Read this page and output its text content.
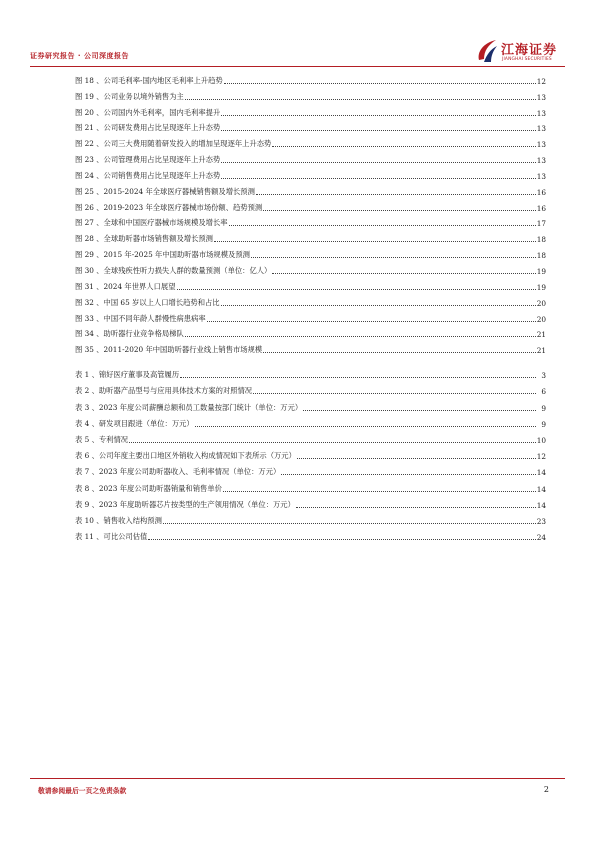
证券研究报告 · 公司深度报告	江海证券
JIANGHAI SECURITIES
图 18 、公司毛利率-国内地区毛利率上升趋势	12
图 19 、公司业务以境外销售为主	13
图 20 、公司国内外毛利率，国内毛利率提升	13
图 21 、公司研发费用占比呈现逐年上升态势	13
图 22 、公司三大费用随着研发投入的增加呈现逐年上升态势	13
图 23 、公司管理费用占比呈现逐年上升态势	13
图 24 、公司销售费用占比呈现逐年上升态势	13
图 25 、2015-2024 年全球医疗器械销售额及增长预测	16
图 26 、2019-2023 年全球医疗器械市场份额、趋势预测	16
图 27 、全球和中国医疗器械市场规模及增长率	17
图 28 、全球助听器市场销售额及增长预测	18
图 29 、2015 年-2025 年中国助听器市场规模及预测	18
图 30 、全球残疾性听力损失人群的数量预测（单位：亿人）	19
图 31 、2024 年世界人口展望	19
图 32 、中国 65 岁以上人口增长趋势和占比	20
图 33 、中国不同年龄人群慢性病患病率	20
图 34 、助听器行业竞争格局梯队	21
图 35 、2011-2020 年中国助听器行业线上销售市场规模	21
表 1 、锦好医疗董事及高管履历	3
表 2 、助听器产品型号与应用具体技术方案的对照情况	6
表 3 、2023 年度公司薪酬总额和员工数量按部门统计（单位：万元）	9
表 4 、研发项目跟进（单位：万元）	9
表 5 、专利情况	10
表 6 、公司年度主要出口地区外销收入构成情况如下表所示（万元）	12
表 7 、2023 年度公司助听器收入、毛利率情况（单位：万元）	14
表 8 、2023 年度公司助听器销量和销售单价	14
表 9 、2023 年度助听器芯片按类型的生产领用情况（单位：万元）	14
表 10 、销售收入结构预测	23
表 11 、可比公司估值	24
敬请参阅最后一页之免责条款	2
